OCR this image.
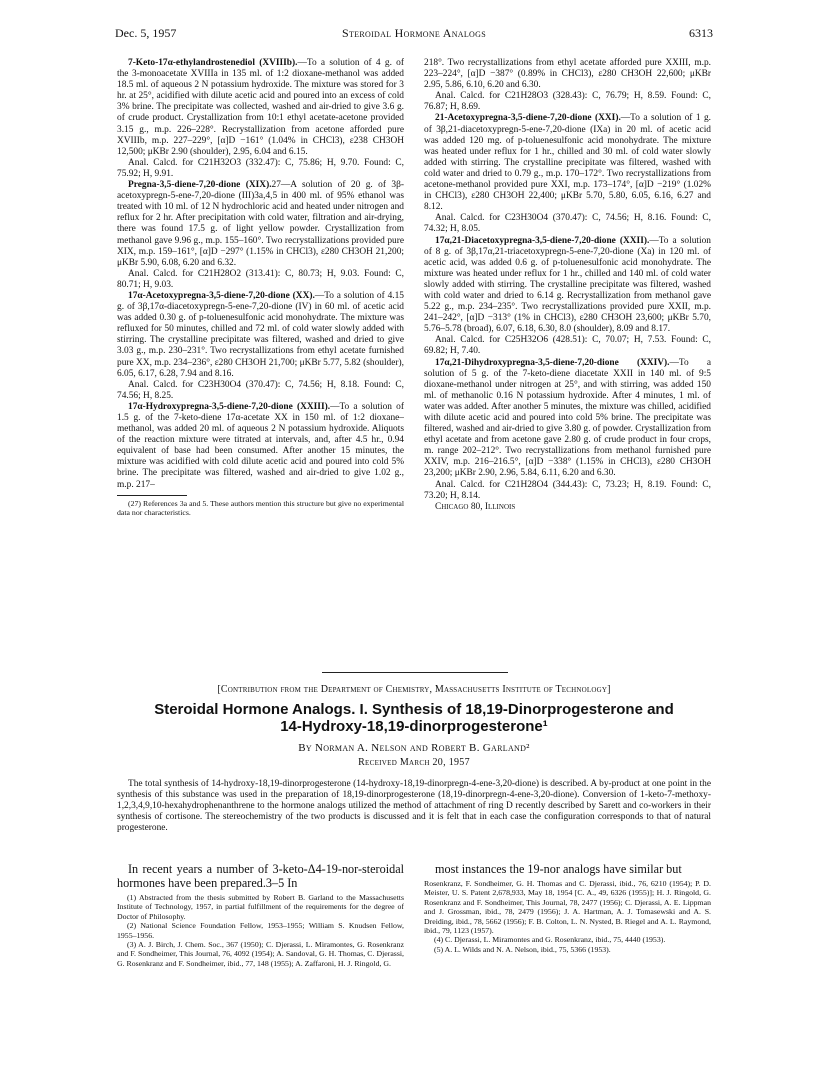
Dec. 5, 1957	Steroidal Hormone Analogs	6313

7-Keto-17α-ethylandrostenediol (XVIIIb).—To a solution of 4 g. of the 3-monoacetate XVIIIa in 135 ml. of 1:2 dioxane-methanol was added 18.5 ml. of aqueous 2 N potassium hydroxide. The mixture was stored for 3 hr. at 25°, acidified with dilute acetic acid and poured into an excess of cold 3% brine. The precipitate was collected, washed and air-dried to give 3.6 g. of crude product. Crystallization from 10:1 ethyl acetate-acetone provided 3.15 g., m.p. 226–228°. Recrystallization from acetone afforded pure XVIIIb, m.p. 227–229°, [α]D −161° (1.04% in CHCl3), ε238 CH3OH 12,500; μKBr 2.90 (shoulder), 2.95, 6.04 and 6.15.

Anal. Calcd. for C21H32O3 (332.47): C, 75.86; H, 9.70. Found: C, 75.92; H, 9.91.

Pregna-3,5-diene-7,20-dione (XIX).27—A solution of 20 g. of 3β-acetoxypregn-5-ene-7,20-dione (III)3a,4,5 in 400 ml. of 95% ethanol was treated with 10 ml. of 12 N hydrochloric acid and heated under nitrogen and reflux for 2 hr. After precipitation with cold water, filtration and air-drying, there was found 17.5 g. of light yellow powder. Crystallization from methanol gave 9.96 g., m.p. 155–160°. Two recrystallizations provided pure XIX, m.p. 159–161°, [α]D −297° (1.15% in CHCl3), ε280 CH3OH 21,200; μKBr 5.90, 6.08, 6.20 and 6.32.

Anal. Calcd. for C21H28O2 (313.41): C, 80.73; H, 9.03. Found: C, 80.71; H, 9.03.

17α-Acetoxypregna-3,5-diene-7,20-dione (XX).—To a solution of 4.15 g. of 3β,17α-diacetoxypregn-5-ene-7,20-dione (IV) in 60 ml. of acetic acid was added 0.30 g. of p-toluenesulfonic acid monohydrate. The mixture was refluxed for 50 minutes, chilled and 72 ml. of cold water slowly added with stirring. The crystalline precipitate was filtered, washed and dried to give 3.03 g., m.p. 230–231°. Two recrystallizations from ethyl acetate furnished pure XX, m.p. 234–236°, ε280 CH3OH 21,700; μKBr 5.77, 5.82 (shoulder), 6.05, 6.17, 6.28, 7.94 and 8.16.

Anal. Calcd. for C23H30O4 (370.47): C, 74.56; H, 8.18. Found: C, 74.56; H, 8.25.

17α-Hydroxypregna-3,5-diene-7,20-dione (XXIII).—To a solution of 1.5 g. of the 7-keto-diene 17α-acetate XX in 150 ml. of 1:2 dioxane–methanol, was added 20 ml. of aqueous 2 N potassium hydroxide. Aliquots of the reaction mixture were titrated at intervals, and, after 4.5 hr., 0.94 equivalent of base had been consumed. After another 15 minutes, the mixture was acidified with cold dilute acetic acid and poured into cold 5% brine. The precipitate was filtered, washed and air-dried to give 1.02 g., m.p. 217–

(27) References 3a and 5. These authors mention this structure but give no experimental data nor characteristics.

218°. Two recrystallizations from ethyl acetate afforded pure XXIII, m.p. 223–224°, [α]D −387° (0.89% in CHCl3), ε280 CH3OH 22,600; μKBr 2.95, 5.86, 6.10, 6.20 and 6.30.

Anal. Calcd. for C21H28O3 (328.43): C, 76.79; H, 8.59. Found: C, 76.87; H, 8.69.

21-Acetoxypregna-3,5-diene-7,20-dione (XXI).—To a solution of 1 g. of 3β,21-diacetoxypregn-5-ene-7,20-dione (IXa) in 20 ml. of acetic acid was added 120 mg. of p-toluenesulfonic acid monohydrate. The mixture was heated under reflux for 1 hr., chilled and 30 ml. of cold water slowly added with stirring. The crystalline precipitate was filtered, washed with cold water and dried to 0.79 g., m.p. 170–172°. Two recrystallizations from acetone-methanol provided pure XXI, m.p. 173–174°, [α]D −219° (1.02% in CHCl3), ε280 CH3OH 22,400; μKBr 5.70, 5.80, 6.05, 6.16, 6.27 and 8.12.

Anal. Calcd. for C23H30O4 (370.47): C, 74.56; H, 8.16. Found: C, 74.32; H, 8.05.

17α,21-Diacetoxypregna-3,5-diene-7,20-dione (XXII).—To a solution of 8 g. of 3β,17α,21-triacetoxypregn-5-ene-7,20-dione (Xa) in 120 ml. of acetic acid, was added 0.6 g. of p-toluenesulfonic acid monohydrate. The mixture was heated under reflux for 1 hr., chilled and 140 ml. of cold water slowly added with stirring. The crystalline precipitate was filtered, washed with cold water and dried to 6.14 g. Recrystallization from methanol gave 5.22 g., m.p. 234–235°. Two recrystallizations provided pure XXII, m.p. 241–242°, [α]D −313° (1% in CHCl3), ε280 CH3OH 23,600; μKBr 5.70, 5.76–5.78 (broad), 6.07, 6.18, 6.30, 8.0 (shoulder), 8.09 and 8.17.

Anal. Calcd. for C25H32O6 (428.51): C, 70.07; H, 7.53. Found: C, 69.82; H, 7.40.

17α,21-Dihydroxypregna-3,5-diene-7,20-dione (XXIV).—To a solution of 5 g. of the 7-keto-diene diacetate XXII in 140 ml. of 9:5 dioxane-methanol under nitrogen at 25°, and with stirring, was added 150 ml. of methanolic 0.16 N potassium hydroxide. After 4 minutes, 1 ml. of water was added. After another 5 minutes, the mixture was chilled, acidified with dilute acetic acid and poured into cold 5% brine. The precipitate was filtered, washed and air-dried to give 3.80 g. of powder. Crystallization from ethyl acetate and from acetone gave 2.80 g. of crude product in four crops, m. range 202–212°. Two recrystallizations from methanol furnished pure XXIV, m.p. 216–216.5°, [α]D −338° (1.15% in CHCl3), ε280 CH3OH 23,200; μKBr 2.90, 2.96, 5.84, 6.11, 6.20 and 6.30.

Anal. Calcd. for C21H28O4 (344.43): C, 73.23; H, 8.19. Found: C, 73.20; H, 8.14.

Chicago 80, Illinois

[Contribution from the Department of Chemistry, Massachusetts Institute of Technology]
Steroidal Hormone Analogs. I. Synthesis of 18,19-Dinorprogesterone and
14-Hydroxy-18,19-dinorprogesterone¹
By Norman A. Nelson and Robert B. Garland²
Received March 20, 1957

The total synthesis of 14-hydroxy-18,19-dinorprogesterone (14-hydroxy-18,19-dinorpregn-4-ene-3,20-dione) is described. A by-product at one point in the synthesis of this substance was used in the preparation of 18,19-dinorprogesterone (18,19-dinorpregn-4-ene-3,20-dione). Conversion of 1-keto-7-methoxy-1,2,3,4,9,10-hexahydrophenanthrene to the hormone analogs utilized the method of attachment of ring D recently described by Sarett and co-workers in their synthesis of cortisone. The stereochemistry of the two products is discussed and it is felt that in each case the configuration corresponds to that of natural progesterone.

In recent years a number of 3-keto-Δ4-19-nor-steroidal hormones have been prepared.3–5 In

(1) Abstracted from the thesis submitted by Robert B. Garland to the Massachusetts Institute of Technology, 1957, in partial fulfillment of the requirements for the degree of Doctor of Philosophy.

(2) National Science Foundation Fellow, 1953–1955; William S. Knudsen Fellow, 1955–1956.

(3) A. J. Birch, J. Chem. Soc., 367 (1950); C. Djerassi, L. Miramontes, G. Rosenkranz and F. Sondheimer, This Journal, 76, 4092 (1954); A. Sandoval, G. H. Thomas, C. Djerassi, G. Rosenkranz and F. Sondheimer, ibid., 77, 148 (1955); A. Zaffaroni, H. J. Ringold, G.

most instances the 19-nor analogs have similar but

Rosenkranz, F. Sondheimer, G. H. Thomas and C. Djerassi, ibid., 76, 6210 (1954); P. D. Meister, U. S. Patent 2,678,933, May 18, 1954 [C. A., 49, 6326 (1955)]; H. J. Ringold, G. Rosenkranz and F. Sondheimer, This Journal, 78, 2477 (1956); C. Djerassi, A. E. Lippman and J. Grossman, ibid., 78, 2479 (1956); J. A. Hartman, A. J. Tomasewski and A. S. Dreiding, ibid., 78, 5662 (1956); F. B. Colton, L. N. Nysted, B. Riegel and A. L. Raymond, ibid., 79, 1123 (1957).

(4) C. Djerassi, L. Miramontes and G. Rosenkranz, ibid., 75, 4440 (1953).

(5) A. L. Wilds and N. A. Nelson, ibid., 75, 5366 (1953).
